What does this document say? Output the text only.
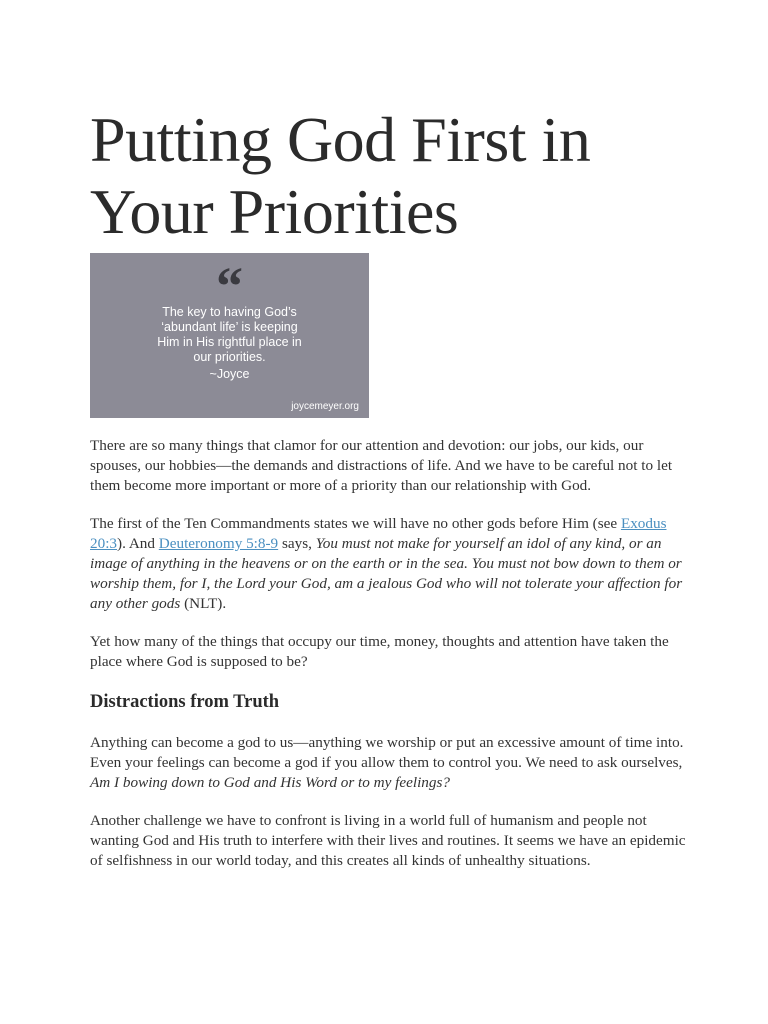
Putting God First in Your Priorities
“
The key to having God’s
‘abundant life’ is keeping
Him in His rightful place in
our priorities.
~Joyce
joycemeyer.org

There are so many things that clamor for our attention and devotion: our jobs, our kids, our spouses, our hobbies—the demands and distractions of life. And we have to be careful not to let them become more important or more of a priority than our relationship with God.

The first of the Ten Commandments states we will have no other gods before Him (see Exodus 20:3). And Deuteronomy 5:8-9 says, You must not make for yourself an idol of any kind, or an image of anything in the heavens or on the earth or in the sea. You must not bow down to them or worship them, for I, the Lord your God, am a jealous God who will not tolerate your affection for any other gods (NLT).

Yet how many of the things that occupy our time, money, thoughts and attention have taken the place where God is supposed to be?

Distractions from Truth

Anything can become a god to us—anything we worship or put an excessive amount of time into. Even your feelings can become a god if you allow them to control you. We need to ask ourselves, Am I bowing down to God and His Word or to my feelings?

Another challenge we have to confront is living in a world full of humanism and people not wanting God and His truth to interfere with their lives and routines. It seems we have an epidemic of selfishness in our world today, and this creates all kinds of unhealthy situations.
